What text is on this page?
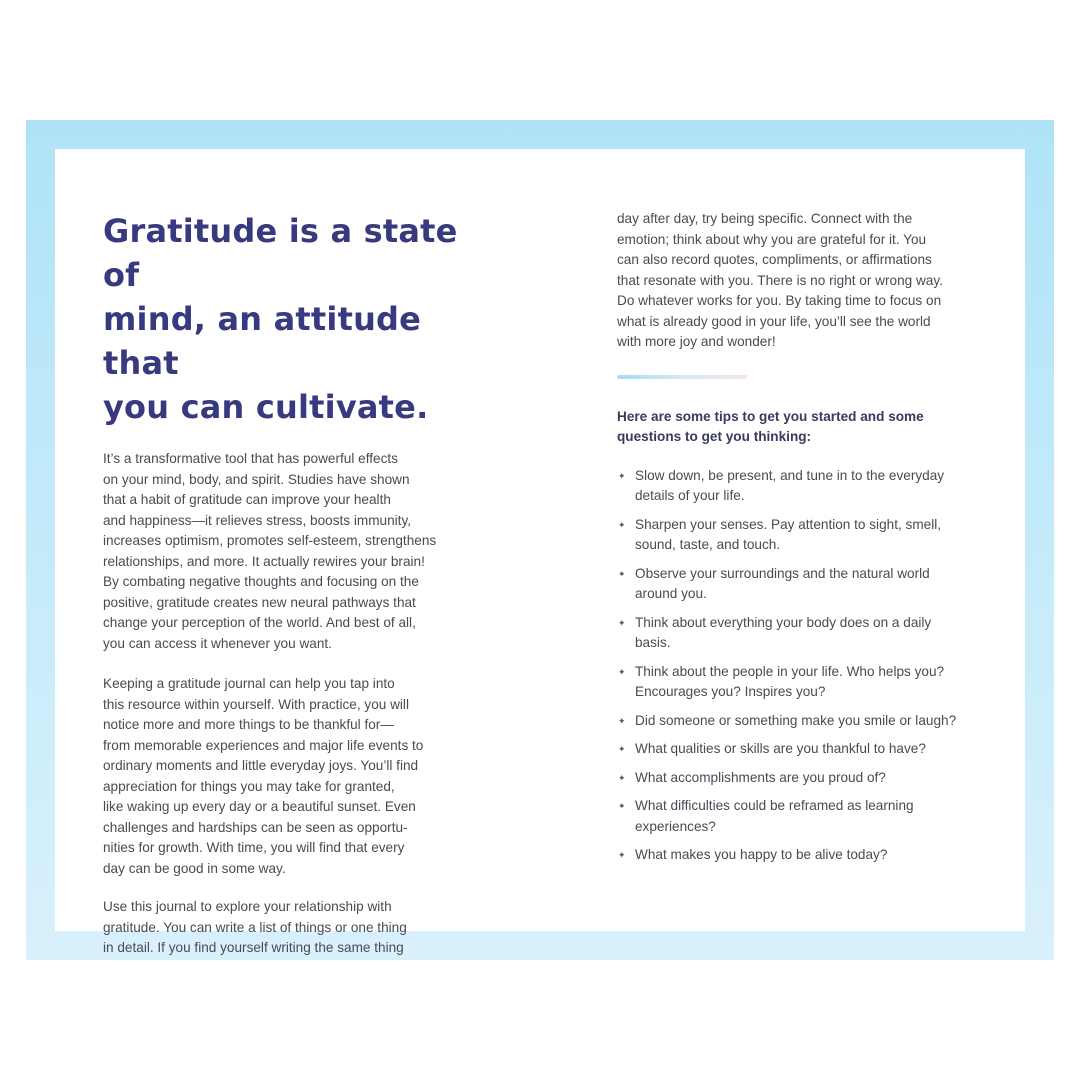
Gratitude is a state of
mind, an attitude that
you can cultivate.

It’s a transformative tool that has powerful effects
on your mind, body, and spirit. Studies have shown
that a habit of gratitude can improve your health
and happiness—it relieves stress, boosts immunity,
increases optimism, promotes self-esteem, strengthens
relationships, and more. It actually rewires your brain!
By combating negative thoughts and focusing on the
positive, gratitude creates new neural pathways that
change your perception of the world. And best of all,
you can access it whenever you want.

Keeping a gratitude journal can help you tap into
this resource within yourself. With practice, you will
notice more and more things to be thankful for—
from memorable experiences and major life events to
ordinary moments and little everyday joys. You’ll find
appreciation for things you may take for granted,
like waking up every day or a beautiful sunset. Even
challenges and hardships can be seen as opportu-
nities for growth. With time, you will find that every
day can be good in some way.

Use this journal to explore your relationship with
gratitude. You can write a list of things or one thing
in detail. If you find yourself writing the same thing

day after day, try being specific. Connect with the
emotion; think about why you are grateful for it. You
can also record quotes, compliments, or affirmations
that resonate with you. There is no right or wrong way.
Do whatever works for you. By taking time to focus on
what is already good in your life, you’ll see the world
with more joy and wonder!

Here are some tips to get you started and some
questions to get you thinking:

✦ Slow down, be present, and tune in to the everyday
details of your life.
✦ Sharpen your senses. Pay attention to sight, smell,
sound, taste, and touch.
✦ Observe your surroundings and the natural world
around you.
✦ Think about everything your body does on a daily
basis.
✦ Think about the people in your life. Who helps you?
Encourages you? Inspires you?
✦ Did someone or something make you smile or laugh?
✦ What qualities or skills are you thankful to have?
✦ What accomplishments are you proud of?
✦ What difficulties could be reframed as learning
experiences?
✦ What makes you happy to be alive today?
